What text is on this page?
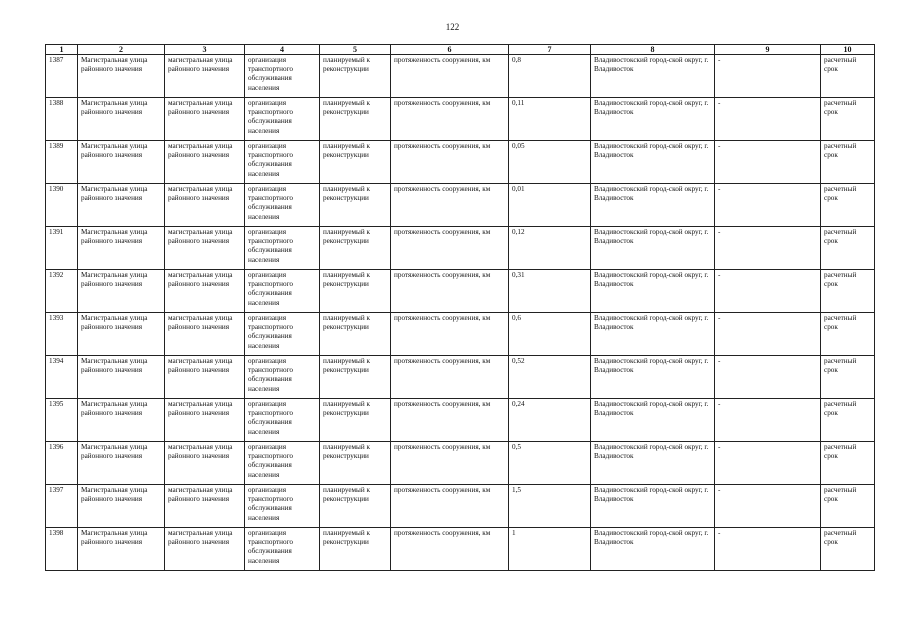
122
1	2	3	4	5	6	7	8	9	10
1387	Магистральная улица районного значения	магистральная улица районного значения	организация транспортного обслуживания населения	планируемый к реконструкции	протяженность сооружения, км	0,8	Владивостокский город-ской округ, г. Владивосток	-	расчетный срок
1388	Магистральная улица районного значения	магистральная улица районного значения	организация транспортного обслуживания населения	планируемый к реконструкции	протяженность сооружения, км	0,11	Владивостокский город-ской округ, г. Владивосток	-	расчетный срок
1389	Магистральная улица районного значения	магистральная улица районного значения	организация транспортного обслуживания населения	планируемый к реконструкции	протяженность сооружения, км	0,05	Владивостокский город-ской округ, г. Владивосток	-	расчетный срок
1390	Магистральная улица районного значения	магистральная улица районного значения	организация транспортного обслуживания населения	планируемый к реконструкции	протяженность сооружения, км	0,01	Владивостокский город-ской округ, г. Владивосток	-	расчетный срок
1391	Магистральная улица районного значения	магистральная улица районного значения	организация транспортного обслуживания населения	планируемый к реконструкции	протяженность сооружения, км	0,12	Владивостокский город-ской округ, г. Владивосток	-	расчетный срок
1392	Магистральная улица районного значения	магистральная улица районного значения	организация транспортного обслуживания населения	планируемый к реконструкции	протяженность сооружения, км	0,31	Владивостокский город-ской округ, г. Владивосток	-	расчетный срок
1393	Магистральная улица районного значения	магистральная улица районного значения	организация транспортного обслуживания населения	планируемый к реконструкции	протяженность сооружения, км	0,6	Владивостокский город-ской округ, г. Владивосток	-	расчетный срок
1394	Магистральная улица районного значения	магистральная улица районного значения	организация транспортного обслуживания населения	планируемый к реконструкции	протяженность сооружения, км	0,52	Владивостокский город-ской округ, г. Владивосток	-	расчетный срок
1395	Магистральная улица районного значения	магистральная улица районного значения	организация транспортного обслуживания населения	планируемый к реконструкции	протяженность сооружения, км	0,24	Владивостокский город-ской округ, г. Владивосток	-	расчетный срок
1396	Магистральная улица районного значения	магистральная улица районного значения	организация транспортного обслуживания населения	планируемый к реконструкции	протяженность сооружения, км	0,5	Владивостокский город-ской округ, г. Владивосток	-	расчетный срок
1397	Магистральная улица районного значения	магистральная улица районного значения	организация транспортного обслуживания населения	планируемый к реконструкции	протяженность сооружения, км	1,5	Владивостокский город-ской округ, г. Владивосток	-	расчетный срок
1398	Магистральная улица районного значения	магистральная улица районного значения	организация транспортного обслуживания населения	планируемый к реконструкции	протяженность сооружения, км	1	Владивостокский город-ской округ, г. Владивосток	-	расчетный срок
